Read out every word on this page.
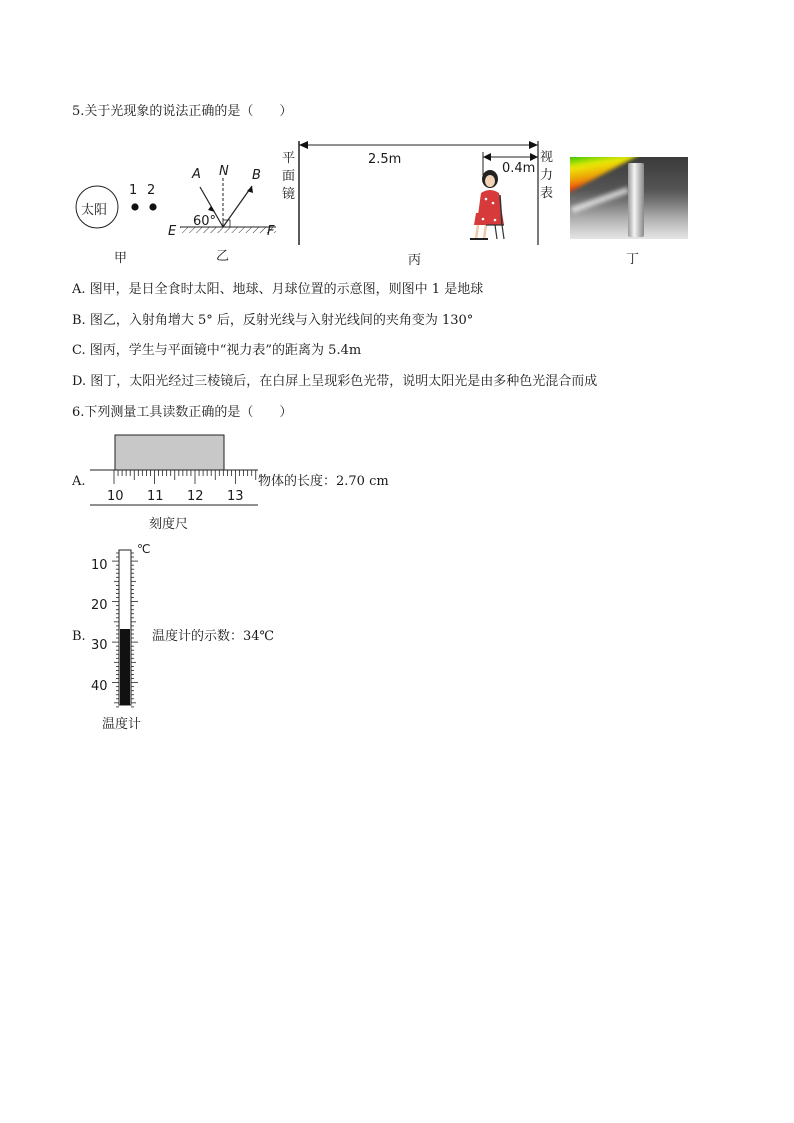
5.关于光现象的说法正确的是（　　）
太阳
1 2
甲
A N B
60°
E	F
乙
平
面
镜
视
力
表
2.5m
0.4m
丙	丁
A. 图甲，是日全食时太阳、地球、月球位置的示意图，则图中 1 是地球
B. 图乙，入射角增大 5° 后，反射光线与入射光线间的夹角变为 130°
C. 图丙，学生与平面镜中“视力表”的距离为 5.4m
D. 图丁，太阳光经过三棱镜后，在白屏上呈现彩色光带，说明太阳光是由多种色光混合而成
6.下列测量工具读数正确的是（　　）
A.
10 11 12 13
物体的长度：2.70 cm
刻度尺
B.
℃
10
20
30
40
温度计的示数：34℃
温度计
